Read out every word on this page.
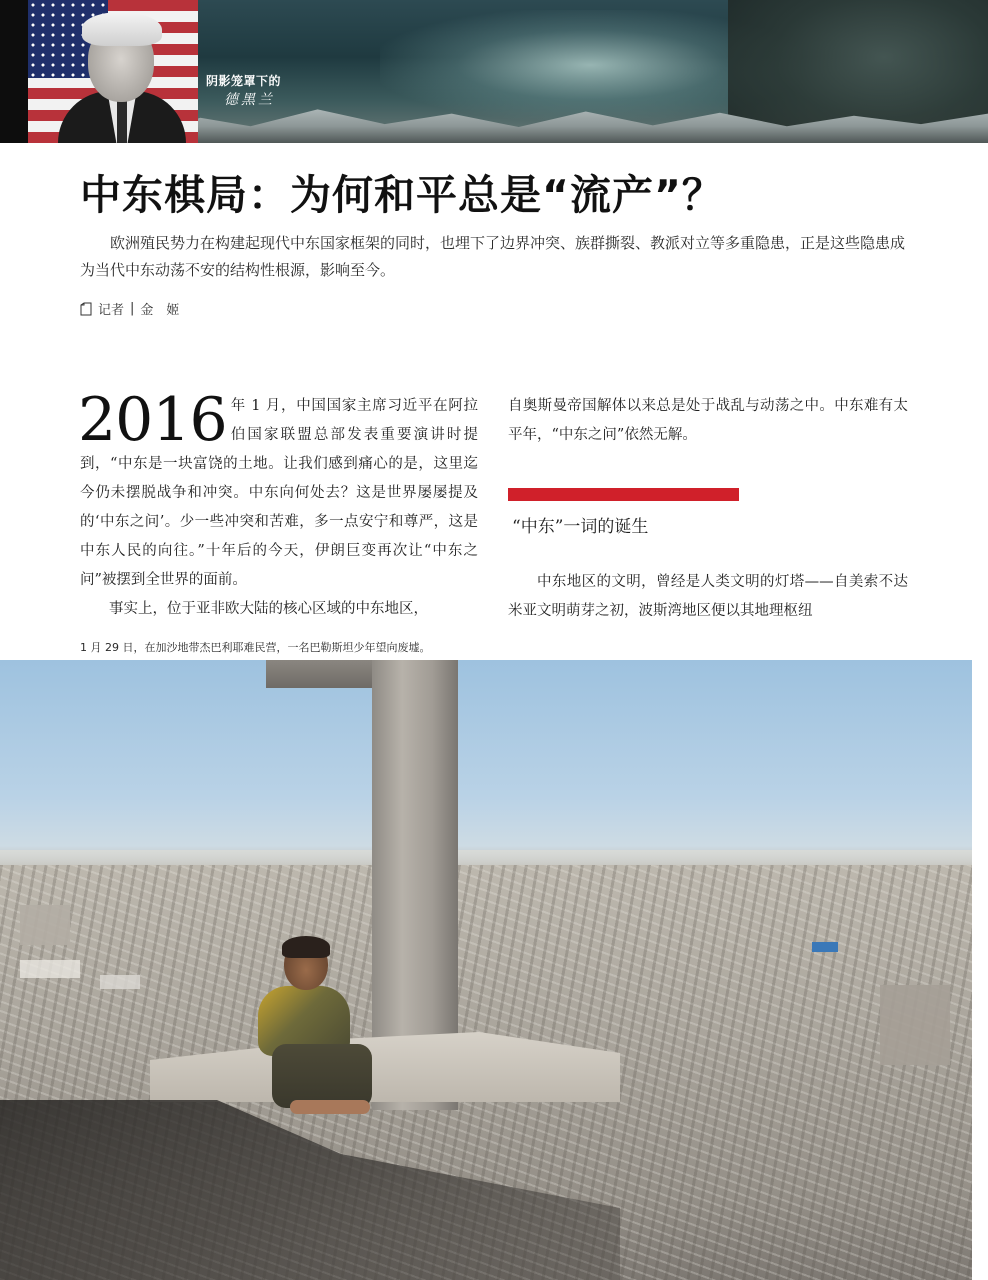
阴影笼罩下的
德黑兰
中东棋局：为何和平总是“流产”？

欧洲殖民势力在构建起现代中东国家框架的同时，也埋下了边界冲突、族群撕裂、教派对立等多重隐患，正是这些隐患成为当代中东动荡不安的结构性根源，影响至今。

记者 | 金　姬

2016 年 1 月，中国国家主席习近平在阿拉伯国家联盟总部发表重要演讲时提到，“中东是一块富饶的土地。让我们感到痛心的是，这里迄今仍未摆脱战争和冲突。中东向何处去？这是世界屡屡提及的‘中东之问’。少一些冲突和苦难，多一点安宁和尊严，这是中东人民的向往。”十年后的今天，伊朗巨变再次让“中东之问”被摆到全世界的面前。

事实上，位于亚非欧大陆的核心区域的中东地区，

自奥斯曼帝国解体以来总是处于战乱与动荡之中。中东难有太平年，“中东之问”依然无解。

“中东”一词的诞生

中东地区的文明，曾经是人类文明的灯塔——自美索不达米亚文明萌芽之初，波斯湾地区便以其地理枢纽

1 月 29 日，在加沙地带杰巴利耶难民营，一名巴勒斯坦少年望向废墟。
